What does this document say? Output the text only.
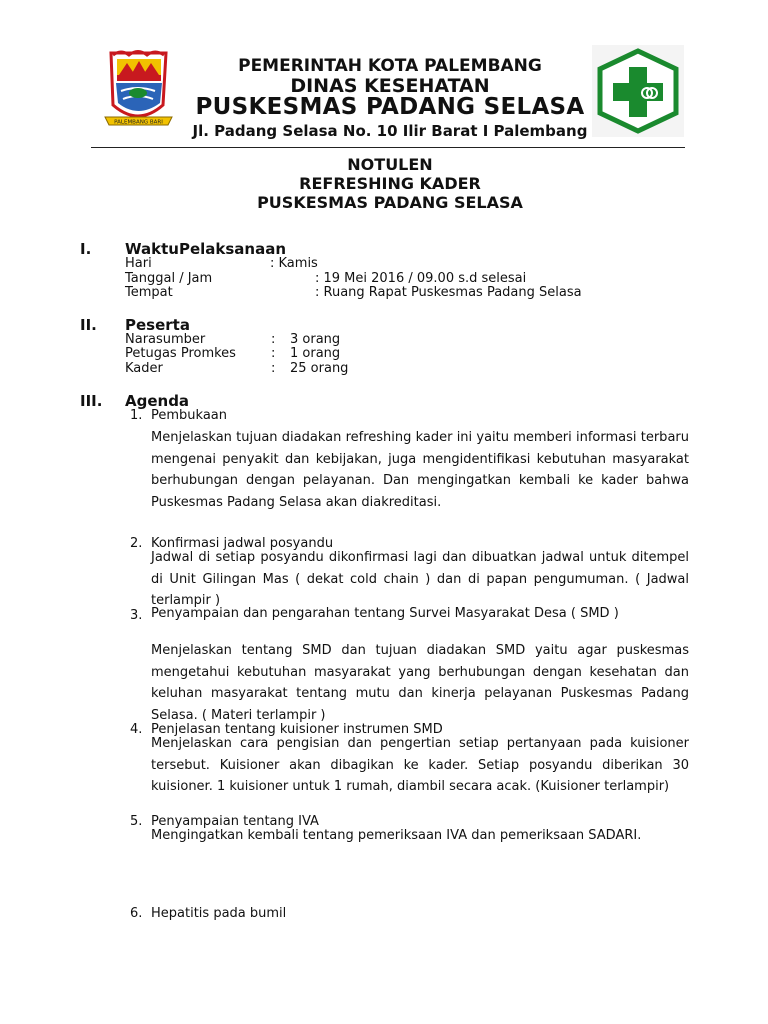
PALEMBANG BARI
PEMERINTAH KOTA PALEMBANG
DINAS KESEHATAN
PUSKESMAS PADANG SELASA
Jl. Padang Selasa No. 10 Ilir Barat I Palembang
NOTULEN
REFRESHING KADER
PUSKESMAS PADANG SELASA
I. WaktuPelaksanaan
Hari	: Kamis
Tanggal / Jam	: 19 Mei 2016 / 09.00 s.d selesai
Tempat	: Ruang Rapat Puskesmas Padang Selasa
II. Peserta
Narasumber	: 3 orang
Petugas Promkes	: 1 orang
Kader	: 25 orang
III. Agenda
1. Pembukaan
Menjelaskan tujuan diadakan refreshing kader ini yaitu memberi informasi terbaru mengenai penyakit dan kebijakan, juga mengidentifikasi kebutuhan masyarakat berhubungan dengan pelayanan. Dan mengingatkan kembali ke kader bahwa Puskesmas Padang Selasa akan diakreditasi.
2. Konfirmasi jadwal posyandu
Jadwal di setiap posyandu dikonfirmasi lagi dan dibuatkan jadwal untuk ditempel di Unit Gilingan Mas ( dekat cold chain ) dan di papan pengumuman. ( Jadwal terlampir )
3. Penyampaian dan pengarahan tentang Survei Masyarakat Desa ( SMD )
Menjelaskan tentang SMD dan tujuan diadakan SMD yaitu agar puskesmas mengetahui kebutuhan masyarakat yang berhubungan dengan kesehatan dan keluhan masyarakat tentang mutu dan kinerja pelayanan Puskesmas Padang Selasa. ( Materi terlampir )
4. Penjelasan tentang kuisioner instrumen SMD
Menjelaskan cara pengisian dan pengertian setiap pertanyaan pada kuisioner tersebut. Kuisioner akan dibagikan ke kader. Setiap posyandu diberikan 30 kuisioner. 1 kuisioner untuk 1 rumah, diambil secara acak. (Kuisioner terlampir)
5. Penyampaian tentang IVA
Mengingatkan kembali tentang pemeriksaan IVA dan pemeriksaan SADARI.
6. Hepatitis pada bumil
